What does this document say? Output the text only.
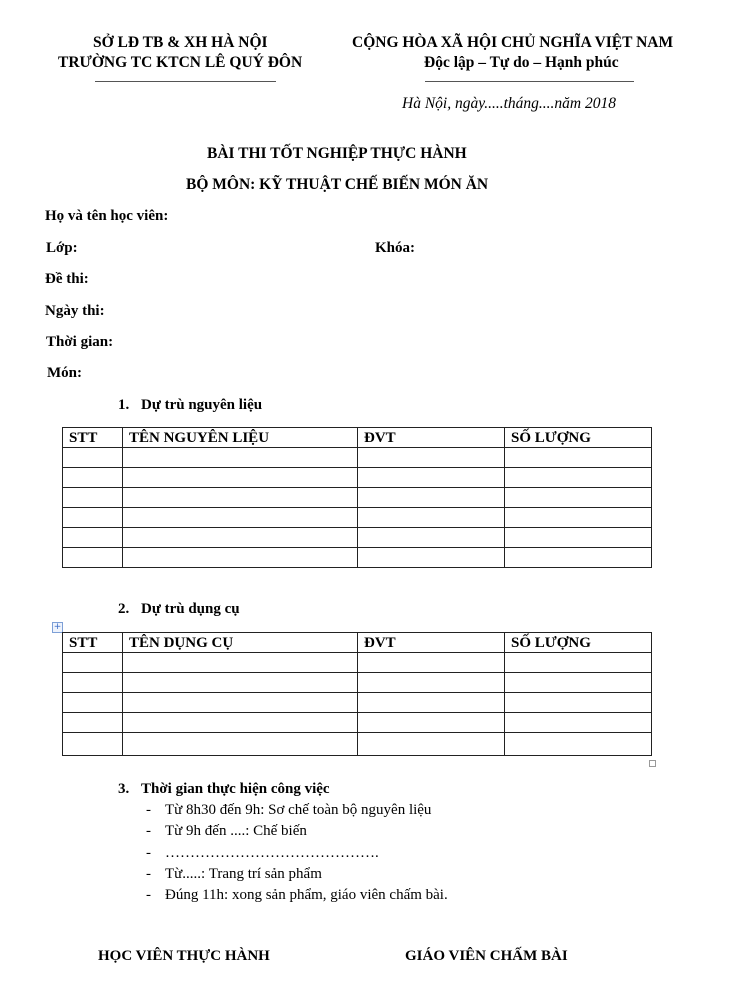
SỞ LĐ TB & XH HÀ NỘI
TRƯỜNG TC KTCN LÊ QUÝ ĐÔN
CỘNG HÒA XÃ HỘI CHỦ NGHĨA VIỆT NAM
Độc lập – Tự do – Hạnh phúc
Hà Nội, ngày.....tháng....năm 2018
BÀI THI TỐT NGHIỆP THỰC HÀNH
BỘ MÔN: KỸ THUẬT CHẾ BIẾN MÓN ĂN
Họ và tên học viên:
Lớp:	Khóa:
Đề thi:
Ngày thi:
Thời gian:
Món:
1. Dự trù nguyên liệu
STT	TÊN NGUYÊN LIỆU	ĐVT	SỐ LƯỢNG

2. Dự trù dụng cụ
+
STT	TÊN DỤNG CỤ	ĐVT	SỐ LƯỢNG

3. Thời gian thực hiện công việc
- Từ 8h30 đến 9h: Sơ chế toàn bộ nguyên liệu
- Từ 9h đến ....: Chế biến
- …………………………………….
- Từ.....: Trang trí sản phẩm
- Đúng 11h: xong sản phẩm, giáo viên chấm bài.
HỌC VIÊN THỰC HÀNH	GIÁO VIÊN CHẤM BÀI
